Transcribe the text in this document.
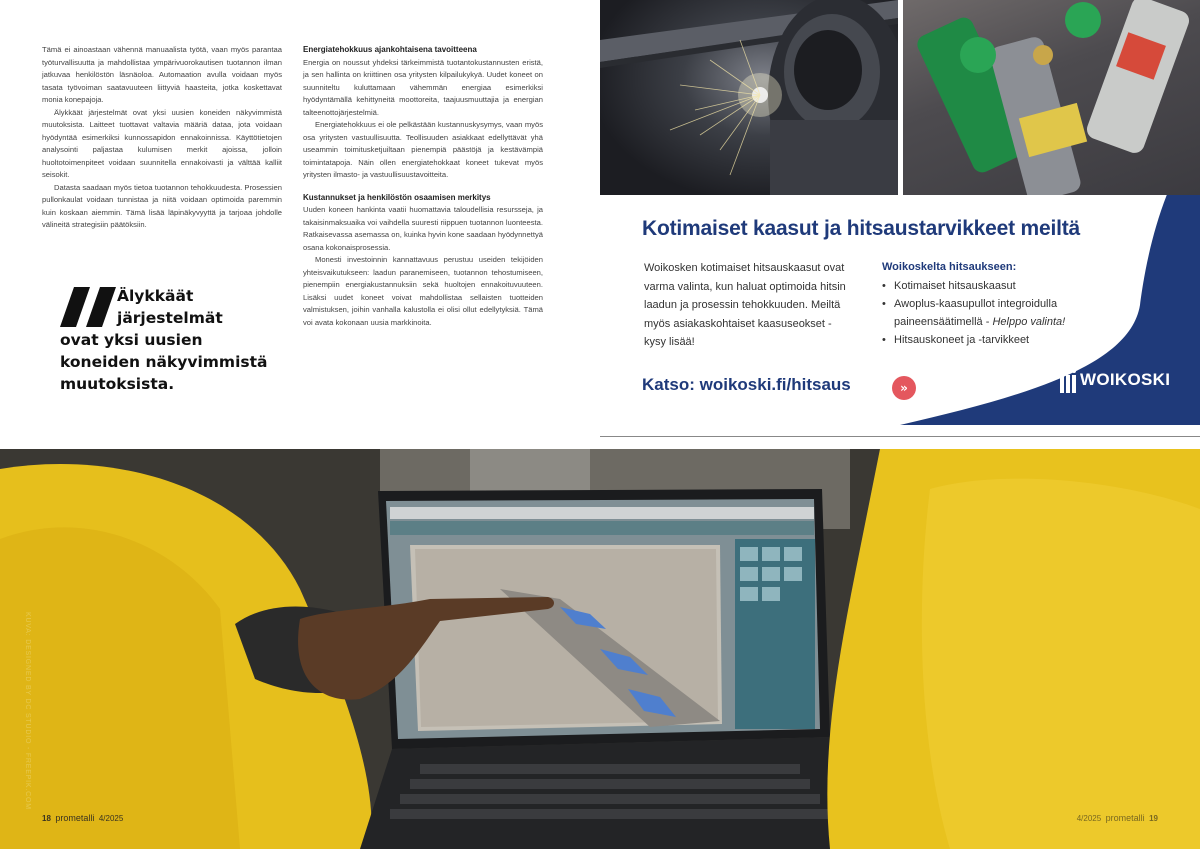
Tämä ei ainoastaan vähennä manuaalista työtä, vaan myös parantaa työturvallisuutta ja mahdollistaa ympärivuorokautisen tuotannon ilman jatkuvaa henkilöstön läsnäoloa. Automaation avulla voidaan myös tasata työvoiman saatavuuteen liittyviä haasteita, jotka koskettavat monia konepajoja.

Älykkäät järjestelmät ovat yksi uusien koneiden näkyvimmistä muutoksista. Laitteet tuottavat valtavia määriä dataa, jota voidaan hyödyntää esimerkiksi kunnossapidon ennakoinnissa. Käyttötietojen analysointi paljastaa kulumisen merkit ajoissa, jolloin huoltotoimenpiteet voidaan suunnitella ennakoivasti ja välttää kalliit seisokit.

Datasta saadaan myös tietoa tuotannon tehokkuudesta. Prosessien pullonkaulat voidaan tunnistaa ja niitä voidaan optimoida paremmin kuin koskaan aiemmin. Tämä lisää läpinäkyvyyttä ja tarjoaa johdolle välineitä strategisiin päätöksiin.

Energiatehokkuus ajankohtaisena tavoitteena

Energia on noussut yhdeksi tärkeimmistä tuotantokustannusten eristä, ja sen hallinta on kriittinen osa yritysten kilpailukykyä. Uudet koneet on suunniteltu kuluttamaan vähemmän energiaa esimerkiksi hyödyntämällä kehittyneitä moottoreita, taajuusmuuttajia ja energian talteenottojärjestelmiä.

Energiatehokkuus ei ole pelkästään kustannuskysymys, vaan myös osa yritysten vastuullisuutta. Teollisuuden asiakkaat edellyttävät yhä useammin toimitusketjuiltaan pienempiä päästöjä ja kestävämpiä toimintatapoja. Näin ollen energiatehokkaat koneet tukevat myös yritysten ilmasto- ja vastuullisuustavoitteita.

Kustannukset ja henkilöstön osaamisen merkitys

Uuden koneen hankinta vaatii huomattavia taloudellisia resursseja, ja takaisinmaksuaika voi vaihdella suuresti riippuen tuotannon luonteesta. Ratkaisevassa asemassa on, kuinka hyvin kone saadaan hyödynnettyä osana kokonaisprosessia.

Monesti investoinnin kannattavuus perustuu useiden tekijöiden yhteisvaikutukseen: laadun paranemiseen, tuotannon tehostumiseen, pienempiin energiakustannuksiin sekä huoltojen ennakoituvuuteen. Lisäksi uudet koneet voivat mahdollistaa sellaisten tuotteiden valmistuksen, joihin vanhalla kalustolla ei olisi ollut edellytyksiä. Tämä voi avata kokonaan uusia markkinoita.

Älykkäät
järjestelmät
ovat yksi uusien
koneiden näkyvimmistä
muutoksista.
Kotimaiset kaasut ja hitsaustarvikkeet meiltä
Woikosken kotimaiset hitsauskaasut ovat varma valinta, kun haluat optimoida hitsin laadun ja prosessin tehokkuuden. Meiltä myös asiakaskohtaiset kaasuseokset - kysy lisää!
Woikoskelta hitsaukseen:
• Kotimaiset hitsauskaasut
• Awoplus-kaasupullot integroidulla paineensäätimellä - Helppo valinta!
• Hitsauskoneet ja -tarvikkeet
Katso: woikoski.fi/hitsaus	»	WOIKOSKI
KUVA: DESIGNED BY DC STUDIO - FREEPIK.COM
18 prometalli 4/2025	4/2025 prometalli 19
